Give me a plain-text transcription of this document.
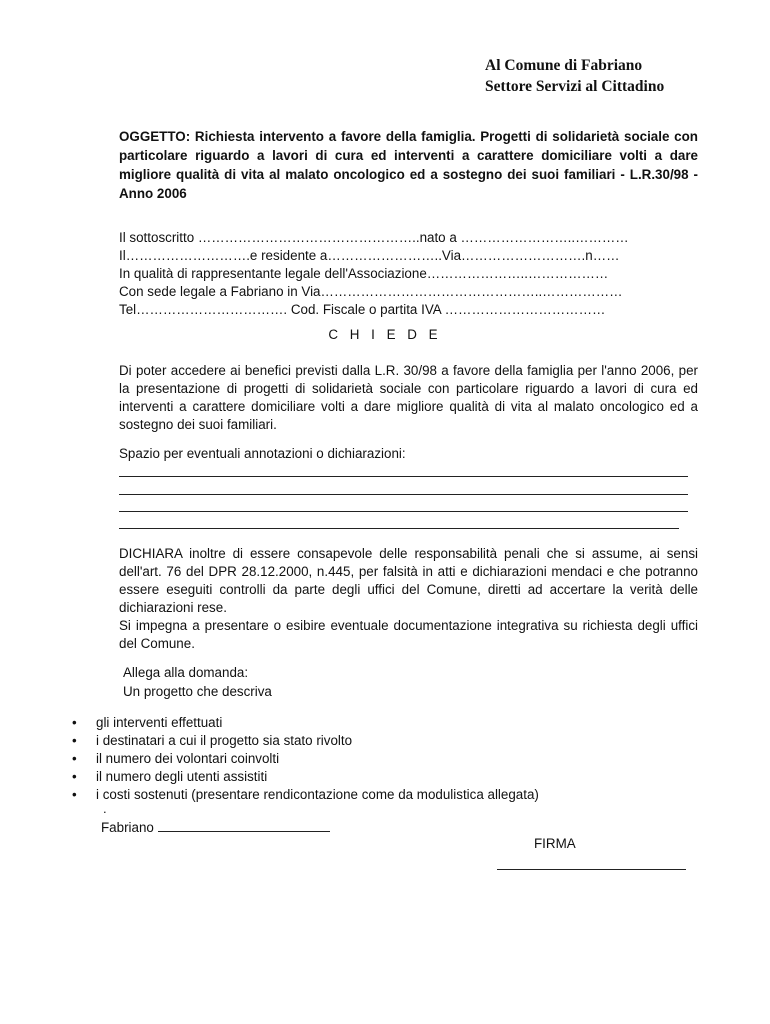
Al Comune di Fabriano
Settore Servizi al Cittadino
OGGETTO: Richiesta intervento a favore della famiglia. Progetti di solidarietà sociale con particolare riguardo a lavori di cura ed interventi a carattere domiciliare volti a dare migliore qualità di vita al malato oncologico ed a sostegno dei suoi familiari - L.R.30/98 - Anno 2006
Il sottoscritto …………………………………………..nato a ……………………..…………
Il……………………….e residente a……………………..Via……………………….n……
In qualità di rappresentante legale dell'Associazione…………………..………………
Con sede legale a Fabriano in Via…………………………………………..………………
Tel……………………………. Cod. Fiscale o partita IVA ………………………………
C H I E D E
Di poter accedere ai benefici previsti dalla L.R. 30/98 a favore della famiglia per l'anno 2006, per la presentazione di progetti di solidarietà sociale con particolare riguardo a lavori di cura ed interventi a carattere domiciliare volti a dare migliore qualità di vita al malato oncologico ed a sostegno dei suoi familiari.
Spazio per eventuali annotazioni o dichiarazioni:
DICHIARA inoltre di essere consapevole delle responsabilità penali che si assume, ai sensi dell'art. 76 del DPR 28.12.2000, n.445, per falsità in atti e dichiarazioni mendaci e che potranno essere eseguiti controlli da parte degli uffici del Comune, diretti ad accertare la verità delle dichiarazioni rese.
Si impegna a presentare o esibire eventuale documentazione integrativa su richiesta degli uffici del Comune.
Allega alla domanda:
Un progetto che descriva
• gli interventi effettuati
• i destinatari a cui il progetto sia stato rivolto
• il numero dei volontari coinvolti
• il numero degli utenti assistiti
• i costi sostenuti (presentare rendicontazione come da modulistica allegata)
.
Fabriano
FIRMA
